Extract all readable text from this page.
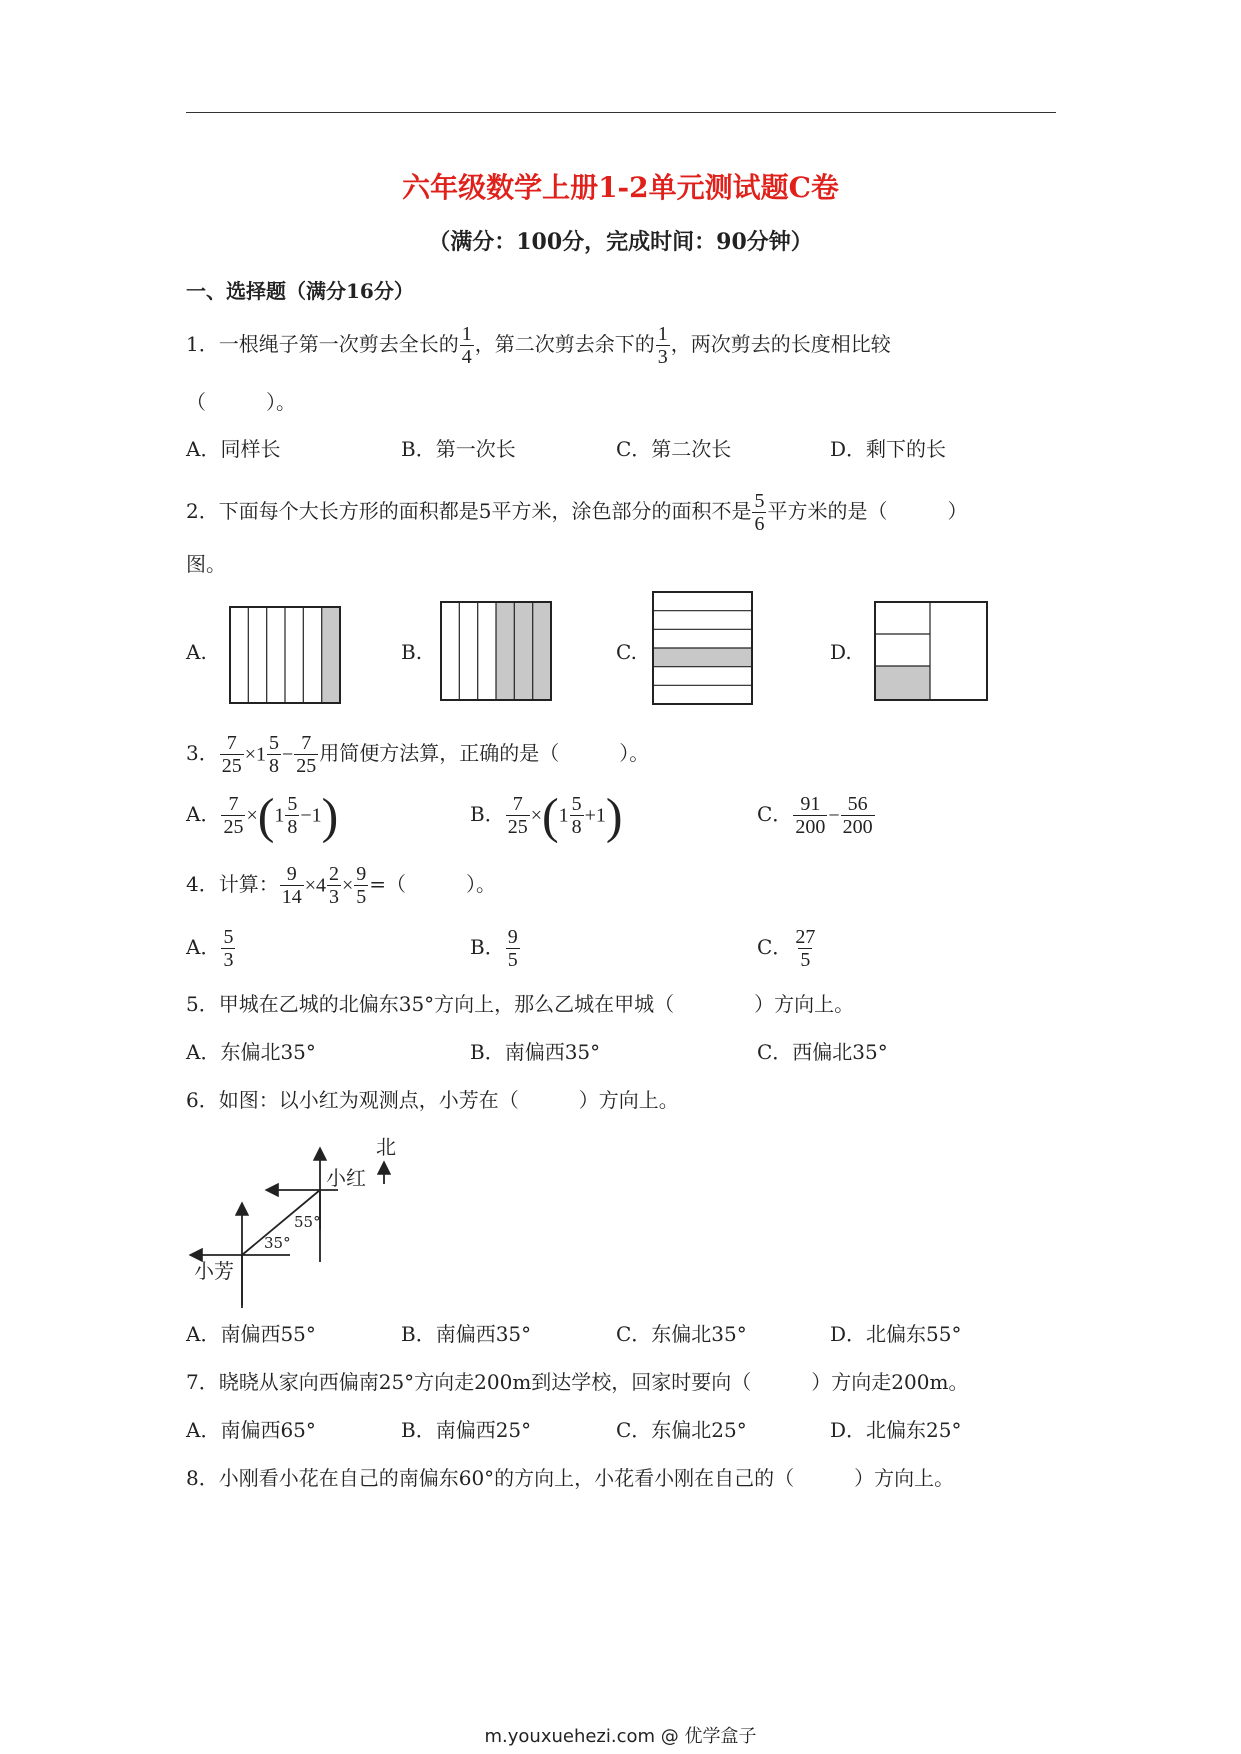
六年级数学上册1-2单元测试题C卷
（满分：100分，完成时间：90分钟）
一、选择题（满分16分）
1．一根绳子第一次剪去全长的 $\frac{1}{4}$ ，第二次剪去余下的 $\frac{1}{3}$ ，两次剪去的长度相比较
（　　　）。
A．同样长	B．第一次长	C．第二次长	D．剩下的长
2．下面每个大长方形的面积都是5平方米，涂色部分的面积不是 $\frac{5}{6}$ 平方米的是（　　　）
图。
A.	B.	C.	D.
3． $\frac{7}{25} \times 1 \frac{5}{8} - \frac{7}{25}$ 用简便方法算，正确的是（　　　）。
A． $\frac{7}{25} \times(1 \frac{5}{8} -1)$	B． $\frac{7}{25} \times(1 \frac{5}{8} +1)$	C． $\frac{91}{200} - \frac{56}{200}$
4．计算： $\frac{9}{14} \times 4 \frac{2}{3} \times \frac{9}{5}$ =（　　　）。
A． $\frac{5}{3}$	B． $\frac{9}{5}$	C． $\frac{27}{5}$
5．甲城在乙城的北偏东35°方向上，那么乙城在甲城（　　　　）方向上。
A．东偏北35°	B．南偏西35°	C．西偏北35°
6．如图：以小红为观测点，小芳在（　　　）方向上。
北
小红
小芳
55°
35°
A．南偏西55°	B．南偏西35°	C．东偏北35°	D．北偏东55°
7．晓晓从家向西偏南25°方向走200m到达学校，回家时要向（　　　）方向走200m。
A．南偏西65°	B．南偏西25°	C．东偏北25°	D．北偏东25°
8．小刚看小花在自己的南偏东60°的方向上，小花看小刚在自己的（　　　）方向上。
m.youxuehezi.com @ 优学盒子
